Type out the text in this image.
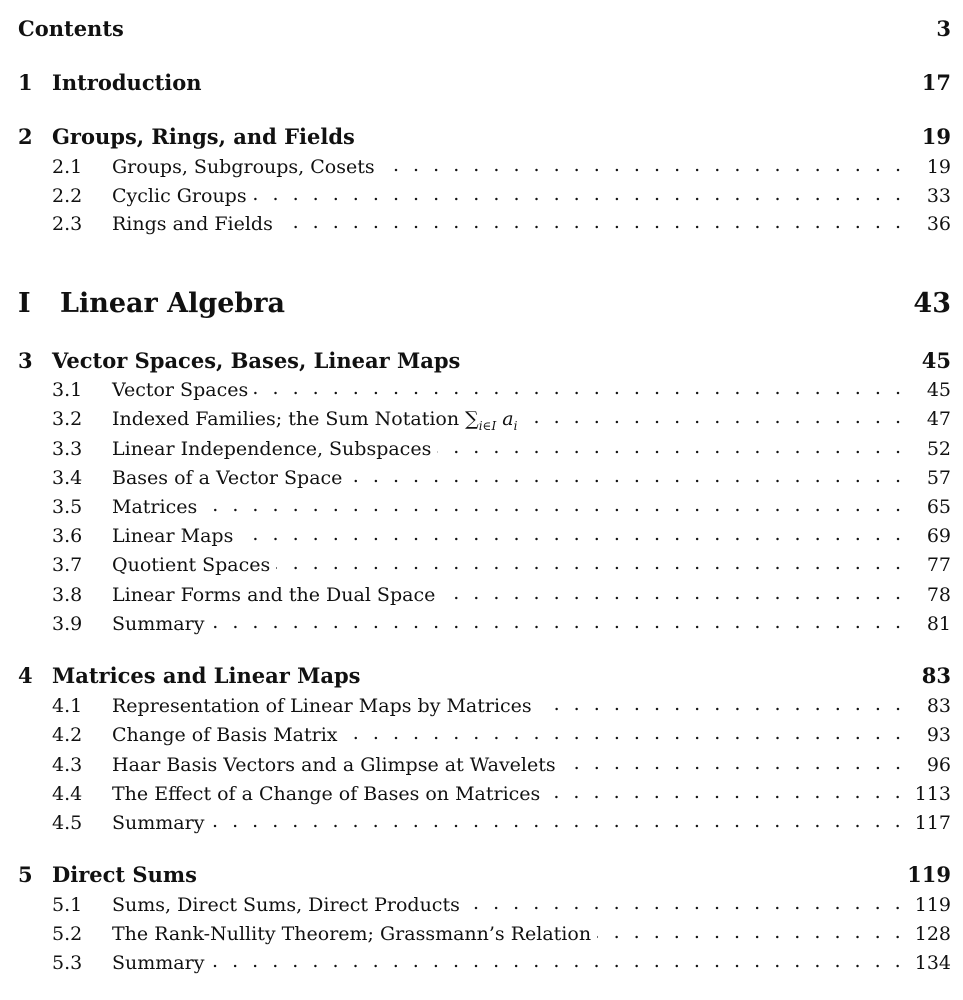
Contents	3
1 Introduction	17
2 Groups, Rings, and Fields	19
2.1	Groups, Subgroups, Cosets . . .	19
2.2	Cyclic Groups . . .	33
2.3	Rings and Fields . . .	36
I	Linear Algebra	43
3 Vector Spaces, Bases, Linear Maps	45
3.1	Vector Spaces . . .	45
3.2	Indexed Families; the Sum Notation $\sum_{i\in I}$ $a_i$ . . .	47
3.3	Linear Independence, Subspaces . . .	52
3.4	Bases of a Vector Space . . .	57
3.5	Matrices . . .	65
3.6	Linear Maps . . .	69
3.7	Quotient Spaces . . .	77
3.8	Linear Forms and the Dual Space . . .	78
3.9	Summary . . .	81
4 Matrices and Linear Maps	83
4.1	Representation of Linear Maps by Matrices . . .	83
4.2	Change of Basis Matrix . . .	93
4.3	Haar Basis Vectors and a Glimpse at Wavelets . . .	96
4.4	The Effect of a Change of Bases on Matrices . . .	113
4.5	Summary . . .	117
5 Direct Sums	119
5.1	Sums, Direct Sums, Direct Products . . .	119
5.2	The Rank-Nullity Theorem; Grassmann’s Relation . . .	128
5.3	Summary . . .	134
